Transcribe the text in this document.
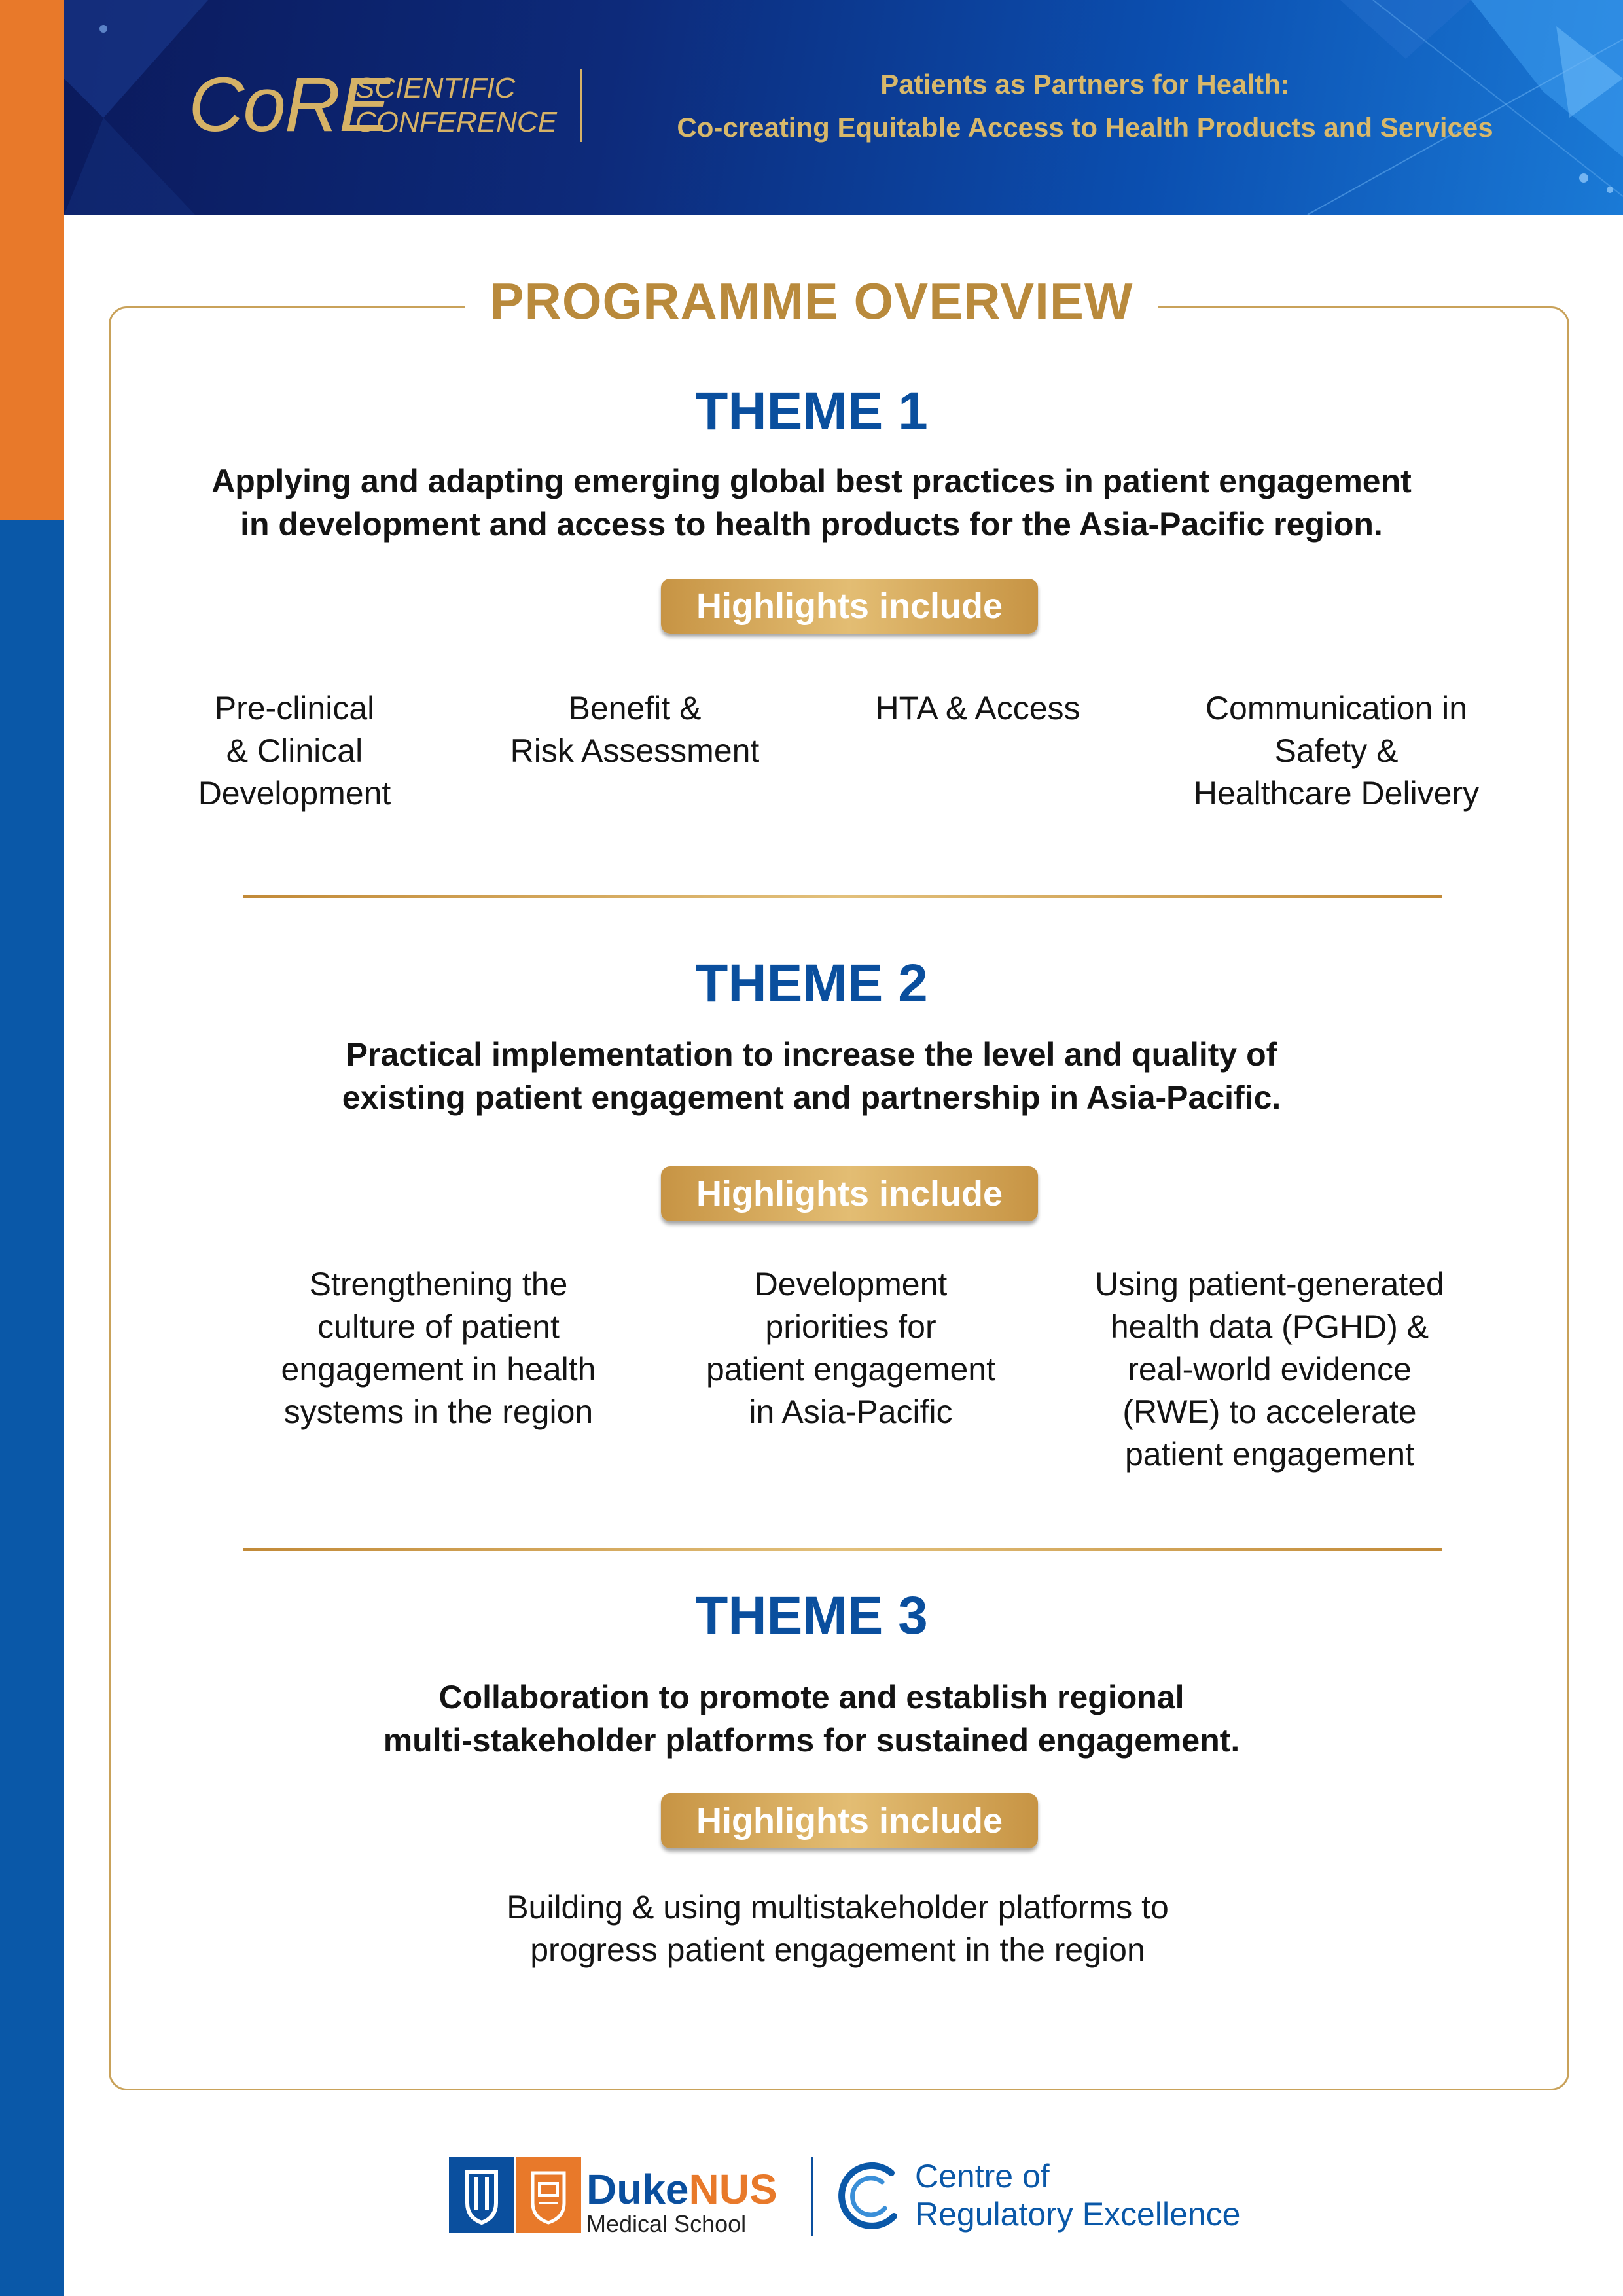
CoRE
SCIENTIFIC
CONFERENCE
Patients as Partners for Health:
Co-creating Equitable Access to Health Products and Services
PROGRAMME OVERVIEW
THEME 1
Applying and adapting emerging global best practices in patient engagement
in development and access to health products for the Asia-Pacific region.
Highlights include
Pre-clinical
& Clinical
Development
Benefit &
Risk Assessment
HTA & Access	Communication in
Safety &
Healthcare Delivery
THEME 2
Practical implementation to increase the level and quality of
existing patient engagement and partnership in Asia-Pacific.
Highlights include
Strengthening the
culture of patient
engagement in health
systems in the region
Development
priorities for
patient engagement
in Asia-Pacific
Using patient-generated
health data (PGHD) &
real-world evidence
(RWE) to accelerate
patient engagement
THEME 3
Collaboration to promote and establish regional
multi-stakeholder platforms for sustained engagement.
Highlights include
Building & using multistakeholder platforms to
progress patient engagement in the region
DukeNUS
Medical School
Centre of
Regulatory Excellence
